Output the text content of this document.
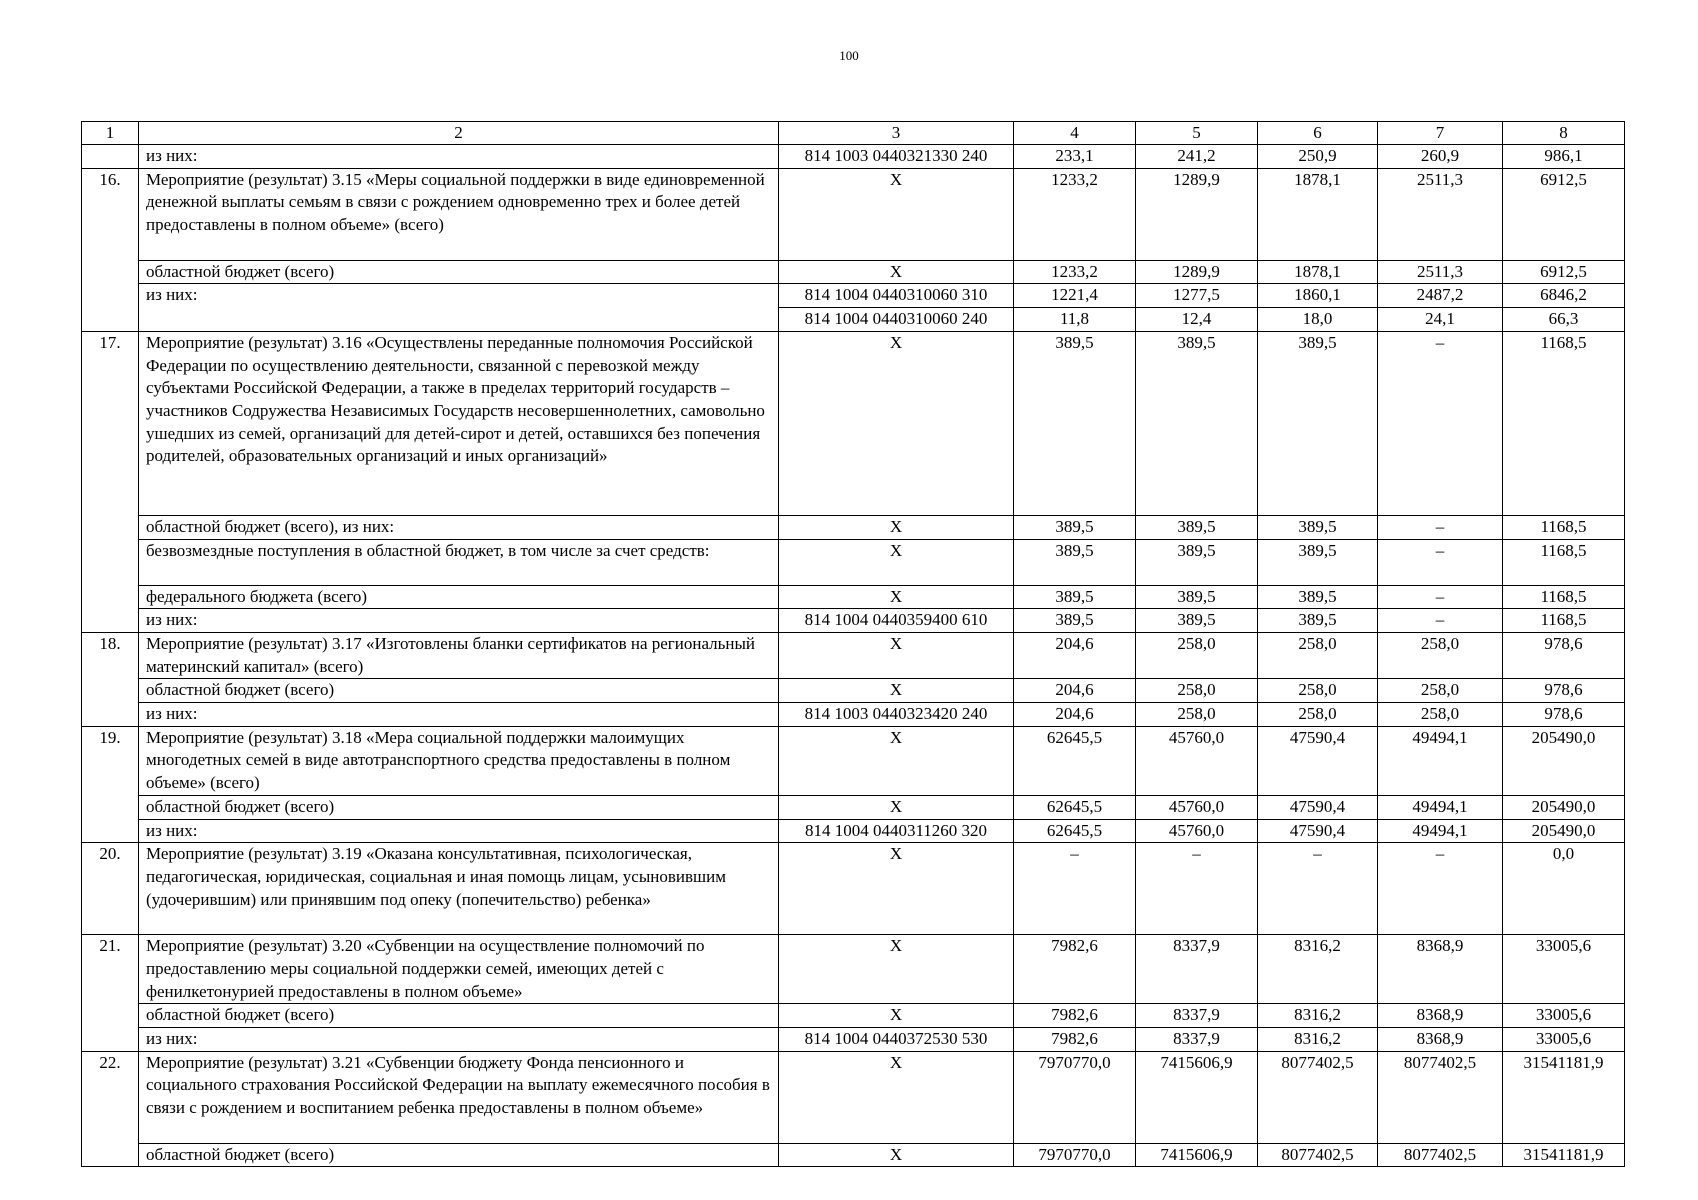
100
1	2	3	4	5	6	7	8
	из них:	814 1003 0440321330 240	233,1	241,2	250,9	260,9	986,1
16.	Мероприятие (результат) 3.15 «Меры социальной поддержки в виде единовременной денежной выплаты семьям в связи с рождением одновременно трех и более детей предоставлены в полном объеме» (всего)	X	1233,2	1289,9	1878,1	2511,3	6912,5
	областной бюджет (всего)	X	1233,2	1289,9	1878,1	2511,3	6912,5
	из них:	814 1004 0440310060 310	1221,4	1277,5	1860,1	2487,2	6846,2
		814 1004 0440310060 240	11,8	12,4	18,0	24,1	66,3
17.	Мероприятие (результат) 3.16 «Осуществлены переданные полномочия Российской Федерации по осуществлению деятельности, связанной с перевозкой между субъектами Российской Федерации, а также в пределах территорий государств – участников Содружества Независимых Государств несовершеннолетних, самовольно ушедших из семей, организаций для детей-сирот и детей, оставшихся без попечения родителей, образовательных организаций и иных организаций»	X	389,5	389,5	389,5	–	1168,5
	областной бюджет (всего), из них:	X	389,5	389,5	389,5	–	1168,5
	безвозмездные поступления в областной бюджет, в том числе за счет средств:	X	389,5	389,5	389,5	–	1168,5
	федерального бюджета (всего)	X	389,5	389,5	389,5	–	1168,5
	из них:	814 1004 0440359400 610	389,5	389,5	389,5	–	1168,5
18.	Мероприятие (результат) 3.17 «Изготовлены бланки сертификатов на региональный материнский капитал» (всего)	X	204,6	258,0	258,0	258,0	978,6
	областной бюджет (всего)	X	204,6	258,0	258,0	258,0	978,6
	из них:	814 1003 0440323420 240	204,6	258,0	258,0	258,0	978,6
19.	Мероприятие (результат) 3.18 «Мера социальной поддержки малоимущих многодетных семей в виде автотранспортного средства предоставлены в полном объеме» (всего)	X	62645,5	45760,0	47590,4	49494,1	205490,0
	областной бюджет (всего)	X	62645,5	45760,0	47590,4	49494,1	205490,0
	из них:	814 1004 0440311260 320	62645,5	45760,0	47590,4	49494,1	205490,0
20.	Мероприятие (результат) 3.19 «Оказана консультативная, психологическая, педагогическая, юридическая, социальная и иная помощь лицам, усыновившим (удочерившим) или принявшим под опеку (попечительство) ребенка»	X	–	–	–	–	0,0
21.	Мероприятие (результат) 3.20 «Субвенции на осуществление полномочий по предоставлению меры социальной поддержки семей, имеющих детей с фенилкетонурией предоставлены в полном объеме»	X	7982,6	8337,9	8316,2	8368,9	33005,6
	областной бюджет (всего)	X	7982,6	8337,9	8316,2	8368,9	33005,6
	из них:	814 1004 0440372530 530	7982,6	8337,9	8316,2	8368,9	33005,6
22.	Мероприятие (результат) 3.21 «Субвенции бюджету Фонда пенсионного и социального страхования Российской Федерации на выплату ежемесячного пособия в связи с рождением и воспитанием ребенка предоставлены в полном объеме»	X	7970770,0	7415606,9	8077402,5	8077402,5	31541181,9
	областной бюджет (всего)	X	7970770,0	7415606,9	8077402,5	8077402,5	31541181,9
